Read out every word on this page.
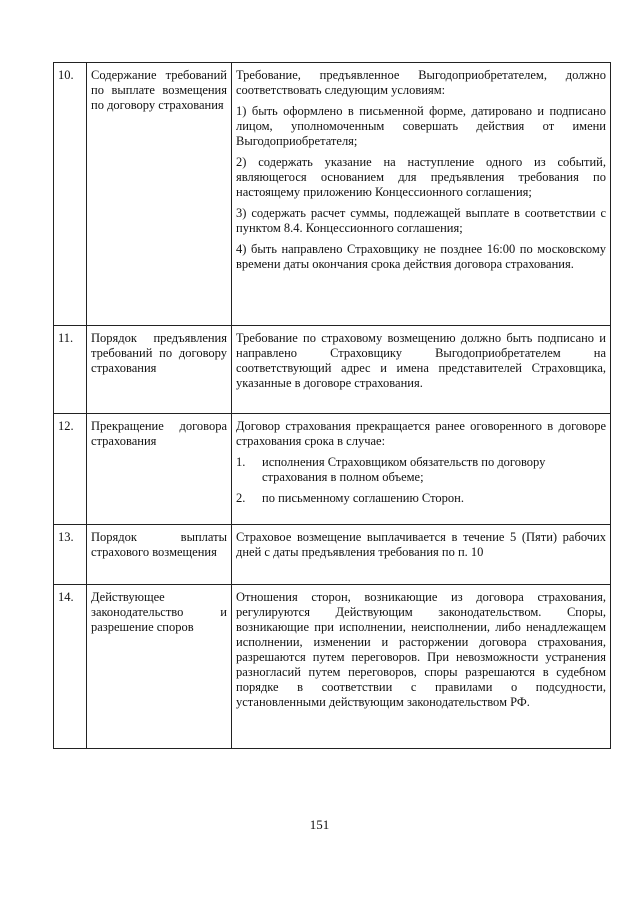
10.	Содержание требований по выплате возмещения по договору страхования	Требование, предъявленное Выгодоприобретателем, должно соответствовать следующим условиям:
1) быть оформлено в письменной форме, датировано и подписано лицом, уполномоченным совершать действия от имени Выгодоприобретателя;
2) содержать указание на наступление одного из событий, являющегося основанием для предъявления требования по настоящему приложению Концессионного соглашения;
3) содержать расчет суммы, подлежащей выплате в соответствии с пунктом 8.4. Концессионного соглашения;
4) быть направлено Страховщику не позднее 16:00 по московскому времени даты окончания срока действия договора страхования.

11.	Порядок предъявления требований по договору страхования	Требование по страховому возмещению должно быть подписано и направлено Страховщику Выгодоприобретателем на соответствующий адрес и имена представителей Страховщика, указанные в договоре страхования.

12.	Прекращение договора страхования	Договор страхования прекращается ранее оговоренного в договоре страхования срока в случае:
1. исполнения Страховщиком обязательств по договору страхования в полном объеме;
2. по письменному соглашению Сторон.

13.	Порядок выплаты страхового возмещения	Страховое возмещение выплачивается в течение 5 (Пяти) рабочих дней с даты предъявления требования по п. 10

14.	Действующее законодательство и разрешение споров	Отношения сторон, возникающие из договора страхования, регулируются Действующим законодательством. Споры, возникающие при исполнении, неисполнении, либо ненадлежащем исполнении, изменении и расторжении договора страхования, разрешаются путем переговоров. При невозможности устранения разногласий путем переговоров, споры разрешаются в судебном порядке в соответствии с правилами о подсудности, установленными действующим законодательством РФ.
151
